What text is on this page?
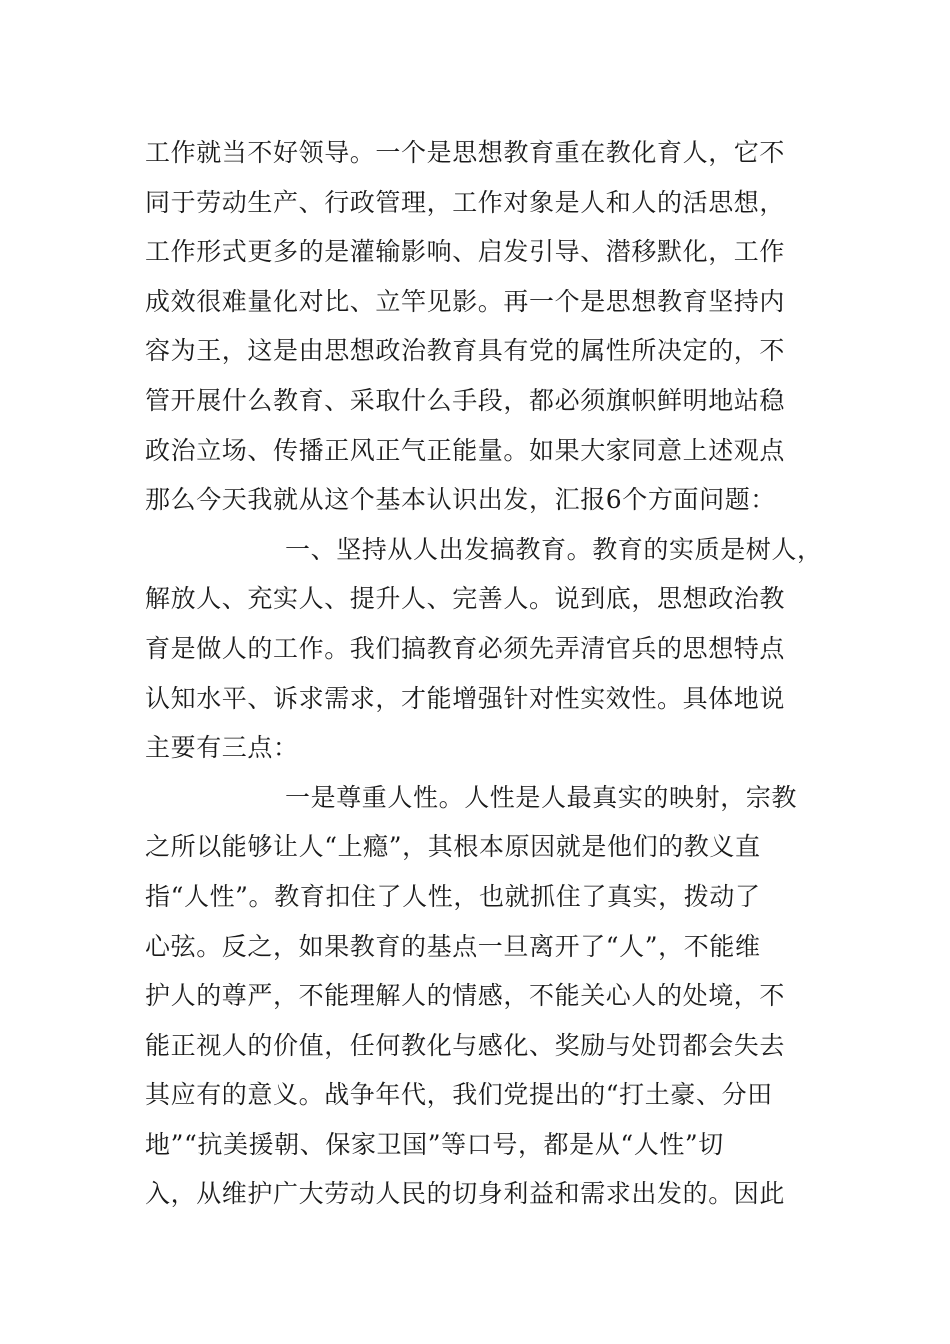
工作就当不好领导。一个是思想教育重在教化育人，它不
同于劳动生产、行政管理，工作对象是人和人的活思想，
工作形式更多的是灌输影响、启发引导、潜移默化，工作
成效很难量化对比、立竿见影。再一个是思想教育坚持内
容为王，这是由思想政治教育具有党的属性所决定的，不
管开展什么教育、采取什么手段，都必须旗帜鲜明地站稳
政治立场、传播正风正气正能量。如果大家同意上述观点
那么今天我就从这个基本认识出发，汇报6个方面问题：
一、坚持从人出发搞教育。教育的实质是树人，
解放人、充实人、提升人、完善人。说到底，思想政治教
育是做人的工作。我们搞教育必须先弄清官兵的思想特点
认知水平、诉求需求，才能增强针对性实效性。具体地说
主要有三点：
一是尊重人性。人性是人最真实的映射，宗教
之所以能够让人“上瘾”，其根本原因就是他们的教义直
指“人性”。教育扣住了人性，也就抓住了真实，拨动了
心弦。反之，如果教育的基点一旦离开了“人”，不能维
护人的尊严，不能理解人的情感，不能关心人的处境，不
能正视人的价值，任何教化与感化、奖励与处罚都会失去
其应有的意义。战争年代，我们党提出的“打土豪、分田
地”“抗美援朝、保家卫国”等口号，都是从“人性”切
入，从维护广大劳动人民的切身利益和需求出发的。因此
